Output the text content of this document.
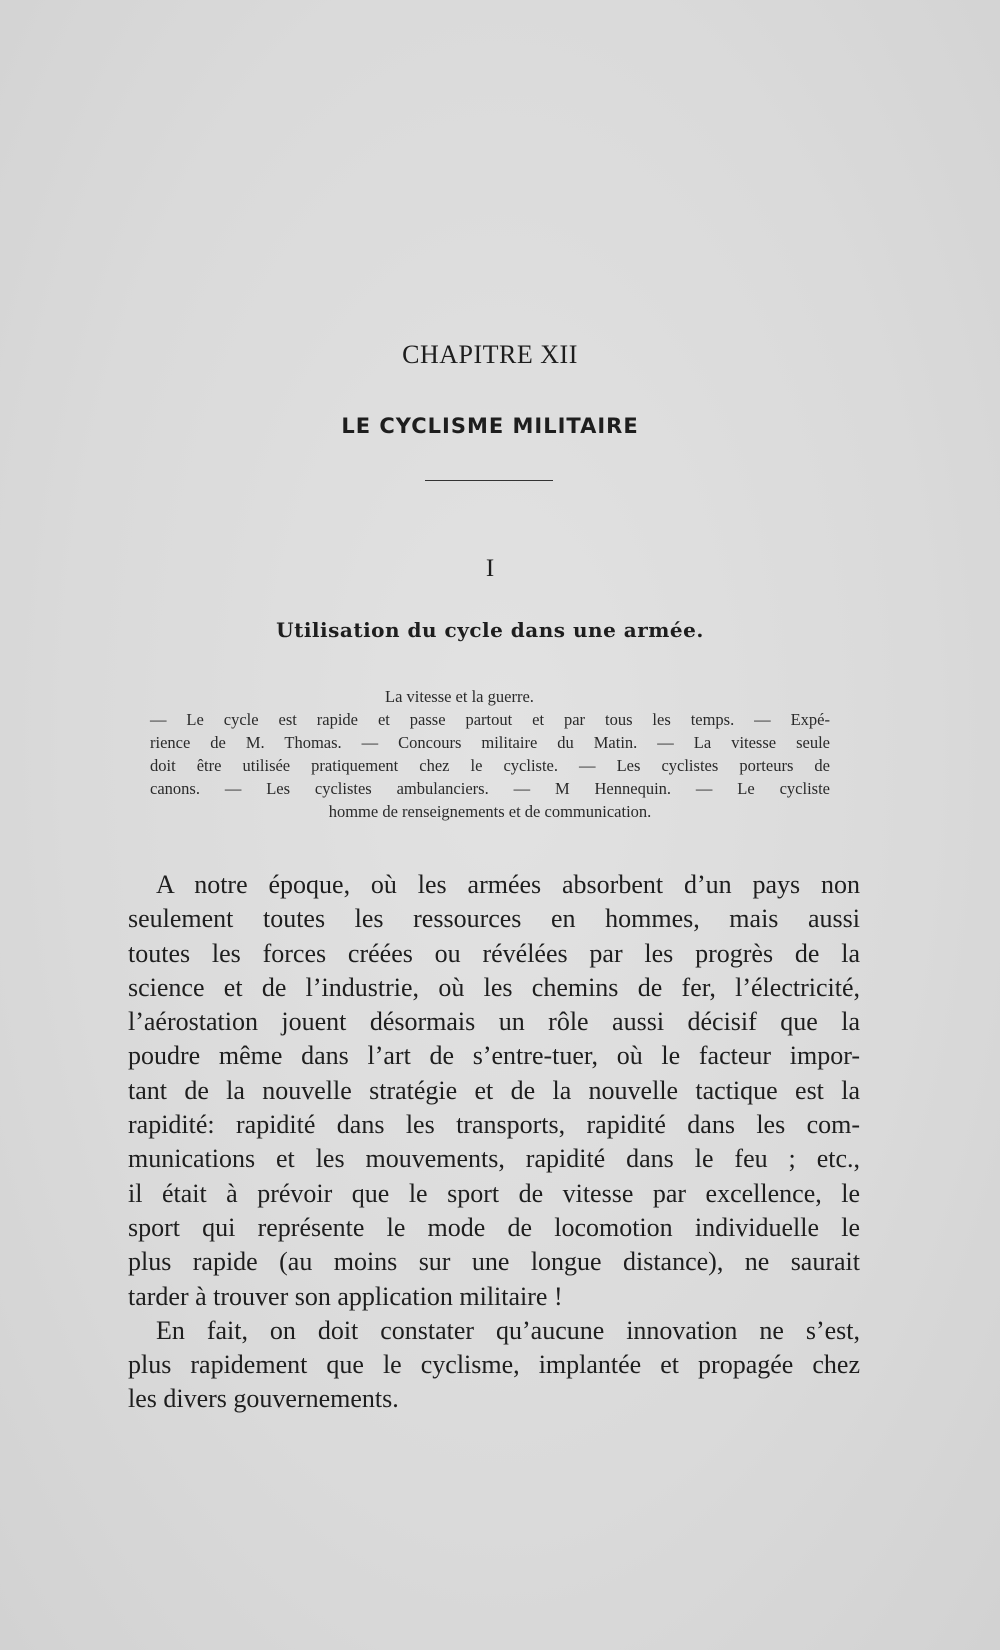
CHAPITRE XII
LE CYCLISME MILITAIRE
I
Utilisation du cycle dans une armée.
La vitesse et la guerre.
— Le cycle est rapide et passe partout et par tous les temps. — Expé-
rience de M. Thomas. — Concours militaire du Matin. — La vitesse seule
doit être utilisée pratiquement chez le cycliste. — Les cyclistes porteurs de
canons. — Les cyclistes ambulanciers. — M Hennequin. — Le cycliste
homme de renseignements et de communication.
A notre époque, où les armées absorbent d’un pays non
seulement toutes les ressources en hommes, mais aussi
toutes les forces créées ou révélées par les progrès de la
science et de l’industrie, où les chemins de fer, l’électricité,
l’aérostation jouent désormais un rôle aussi décisif que la
poudre même dans l’art de s’entre-tuer, où le facteur impor-
tant de la nouvelle stratégie et de la nouvelle tactique est la
rapidité: rapidité dans les transports, rapidité dans les com-
munications et les mouvements, rapidité dans le feu ; etc.,
il était à prévoir que le sport de vitesse par excellence, le
sport qui représente le mode de locomotion individuelle le
plus rapide (au moins sur une longue distance), ne saurait
tarder à trouver son application militaire !
En fait, on doit constater qu’aucune innovation ne s’est,
plus rapidement que le cyclisme, implantée et propagée chez
les divers gouvernements.
